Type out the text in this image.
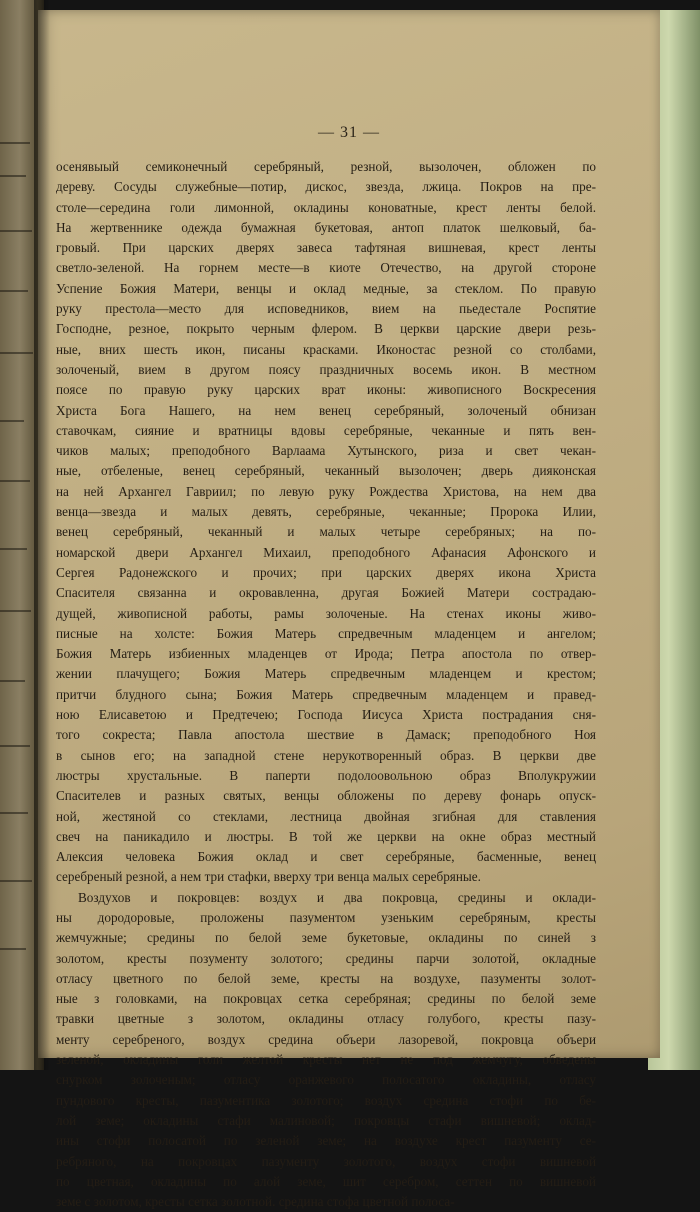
— 31 —
осенявыый семиконечный серебряный, резной, вызолочен, обложен по
дереву. Сосуды служебные—потир, дискос, звезда, лжица. Покров на пре-
столе—середина голи лимонной, окладины коноватные, крест ленты белой.
На жертвеннике одежда бумажная букетовая, антоп платок шелковый, ба-
гровый. При царских дверях завеса тафтяная вишневая, крест ленты
светло-зеленой. На горнем месте—в киоте Отечество, на другой стороне
Успение Божия Матери, венцы и оклад медные, за стеклом. По правую
руку престола—место для исповедников, вием на пьедестале Роспятие
Господне, резное, покрыто черным флером. В церкви царские двери резь-
ные, вних шесть икон, писаны красками. Иконостас резной со столбами,
золоченый, вием в другом поясу праздничных восемь икон. В местном
поясе по правую руку царских врат иконы: живописного Воскресения
Христа Бога Нашего, на нем венец серебряный, золоченый обнизан
ставочкам, сияние и вратницы вдовы серебряные, чеканные и пять вен-
чиков малых; преподобного Варлаама Хутынского, риза и свет чекан-
ные, отбеленые, венец серебряный, чеканный вызолочен; дверь дияконская
на ней Архангел Гавриил; по левую руку Рождества Христова, на нем два
венца—звезда и малых девять, серебряные, чеканные; Пророка Илии,
венец серебряный, чеканный и малых четыре серебряных; на по-
номарской двери Архангел Михаил, преподобного Афанасия Афонского и
Сергея Радонежского и прочих; при царских дверях икона Христа
Спасителя связанна и окровавленна, другая Божией Матери сострадаю-
дущей, живописной работы, рамы золоченые. На стенах иконы живо-
писные на холсте: Божия Матерь спредвечным младенцем и ангелом;
Божия Матерь избиенных младенцев от Ирода; Петра апостола по отвер-
жении плачущего; Божия Матерь спредвечным младенцем и крестом;
притчи блудного сына; Божия Матерь спредвечным младенцем и правед-
ною Елисаветою и Предтечею; Господа Иисуса Христа пострадания сня-
того сокреста; Павла апостола шествие в Дамаск; преподобного Ноя
в сынов его; на западной стене нерукотворенный образ. В церкви две
люстры хрустальные. В паперти подолоовольною образ Вполукружии
Спасителев и разных святых, венцы обложены по дереву фонарь опуск-
ной, жестяной со стеклами, лестница двойная згибная для ставления
свеч на паникадило и люстры. В той же церкви на окне образ местный
Алексия человека Божия оклад и свет серебряные, басменные, венец
серебреный резной, а нем три стафки, вверху три венца малых серебряные.
Воздухов и покровцев: воздух и два покровца, средины и оклади-
ны дородоровые, проложены пазументом узеньким серебряным, кресты
жемчужные; средины по белой земе букетовые, окладины по синей з
золотом, кресты позументу золотого; средины парчи золотой, окладные
отласу цветного по белой земе, кресты на воздухе, пазументы золот-
ные з головками, на покровцах сетка серебряная; средины по белой земе
травки цветные з золотом, окладины отласу голубого, кресты пазу-
менту серебреного, воздух средина объери лазоревой, покровца объери
зеленой, окладины голи желтой кресты нет не под жемчугу, обведены
снурком золоченым; отласу оранжевого полосатого окладины, отласу
пундового кресты, пазументика золотого; воздух средина стофи по бе-
лой земе; окладины стафи малиновой; покровцы стафи вишневой; оклад-
ины стофи полосатой по зеленой земе; на воздухе крест пазументу се-
ребряного, на покровцах пазументу золотого, воздух стофи вишневой
по цветная, окладины по алой земе, шит серебром, сеттен по вишневой
земе с золотом, кресты сетка золотной. средина стофа цветной полоса-
